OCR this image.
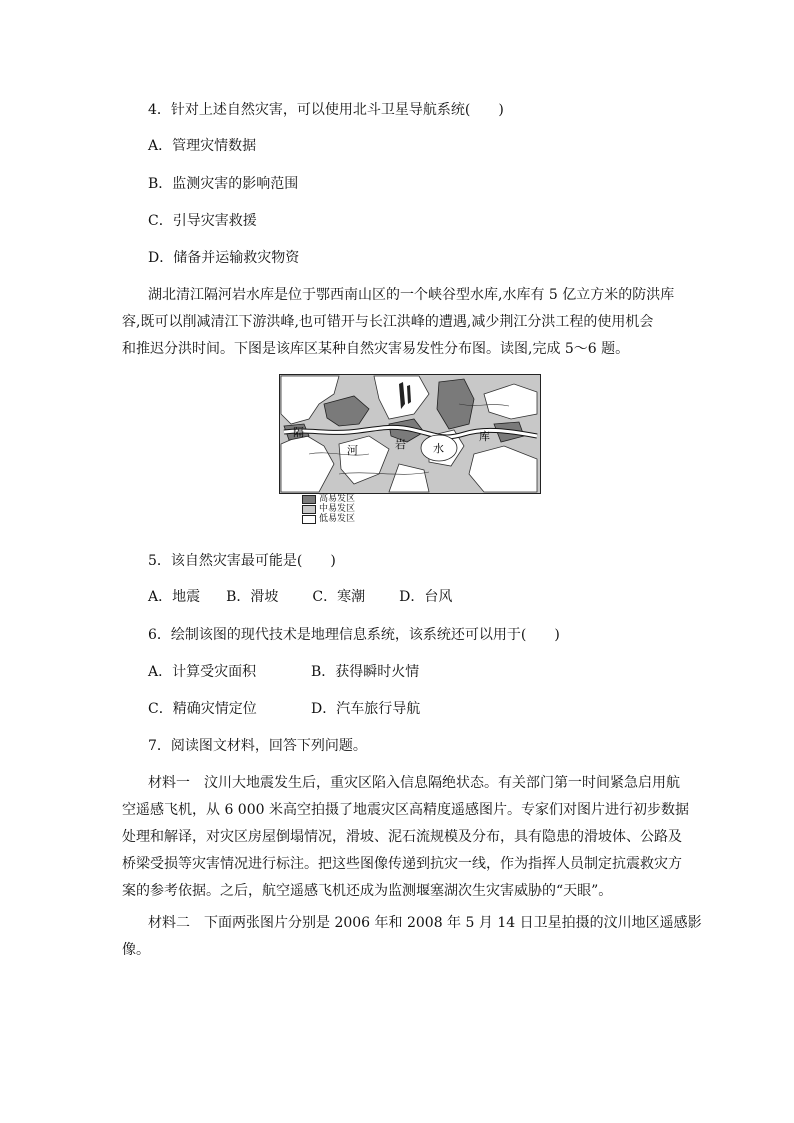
4．针对上述自然灾害，可以使用北斗卫星导航系统(　　)
A．管理灾情数据
B．监测灾害的影响范围
C．引导灾害救援
D．储备并运输救灾物资
湖北清江隔河岩水库是位于鄂西南山区的一个峡谷型水库,水库有 5 亿立方米的防洪库
容,既可以削减清江下游洪峰,也可错开与长江洪峰的遭遇,减少荆江分洪工程的使用机会
和推迟分洪时间。下图是该库区某种自然灾害易发性分布图。读图,完成 5～6 题。
隔
河	岩 水
库
高易发区
中易发区
低易发区
5．该自然灾害最可能是(　　)
A．地震 B．滑坡 C．寒潮 D．台风
6．绘制该图的现代技术是地理信息系统，该系统还可以用于(　　)
A．计算受灾面积	B．获得瞬时火情
C．精确灾情定位	D．汽车旅行导航
7．阅读图文材料，回答下列问题。
材料一　汶川大地震发生后，重灾区陷入信息隔绝状态。有关部门第一时间紧急启用航
空遥感飞机，从 6 000 米高空拍摄了地震灾区高精度遥感图片。专家们对图片进行初步数据
处理和解译，对灾区房屋倒塌情况，滑坡、泥石流规模及分布，具有隐患的滑坡体、公路及
桥梁受损等灾害情况进行标注。把这些图像传递到抗灾一线，作为指挥人员制定抗震救灾方
案的参考依据。之后，航空遥感飞机还成为监测堰塞湖次生灾害威胁的“天眼”。
材料二　下面两张图片分别是 2006 年和 2008 年 5 月 14 日卫星拍摄的汶川地区遥感影
像。
